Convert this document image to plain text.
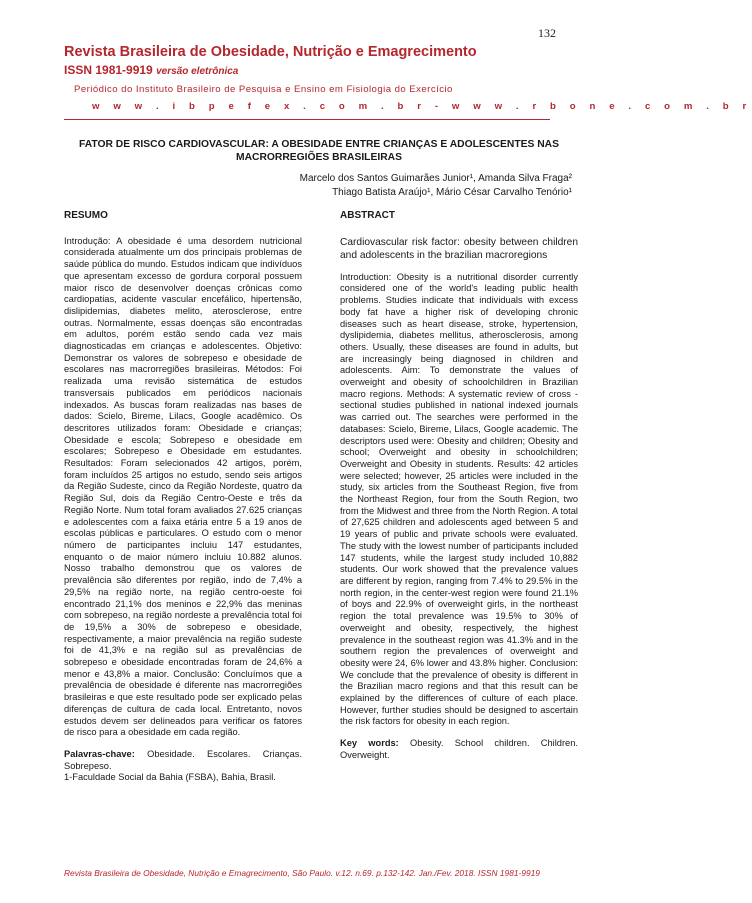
132
Revista Brasileira de Obesidade, Nutrição e Emagrecimento
ISSN 1981-9919 versão eletrônica
Periódico do Instituto Brasileiro de Pesquisa e Ensino em Fisiologia do Exercício
w w w . i b p e f e x . c o m . b r - w w w . r b o n e . c o m . b r
FATOR DE RISCO CARDIOVASCULAR: A OBESIDADE ENTRE CRIANÇAS E ADOLESCENTES NAS MACRORREGIÕES BRASILEIRAS
Marcelo dos Santos Guimarães Junior¹, Amanda Silva Fraga²
Thiago Batista Araújo¹, Mário César Carvalho Tenório¹
RESUMO

Introdução: A obesidade é uma desordem nutricional considerada atualmente um dos principais problemas de saúde pública do mundo. Estudos indicam que indivíduos que apresentam excesso de gordura corporal possuem maior risco de desenvolver doenças crônicas como cardiopatias, acidente vascular encefálico, hipertensão, dislipidemias, diabetes melito, aterosclerose, entre outras. Normalmente, essas doenças são encontradas em adultos, porém estão sendo cada vez mais diagnosticadas em crianças e adolescentes. Objetivo: Demonstrar os valores de sobrepeso e obesidade de escolares nas macrorregiões brasileiras. Métodos: Foi realizada uma revisão sistemática de estudos transversais publicados em periódicos nacionais indexados. As buscas foram realizadas nas bases de dados: Scielo, Bireme, Lilacs, Google acadêmico. Os descritores utilizados foram: Obesidade e crianças; Obesidade e escola; Sobrepeso e obesidade em escolares; Sobrepeso e Obesidade em estudantes. Resultados: Foram selecionados 42 artigos, porém, foram incluídos 25 artigos no estudo, sendo seis artigos da Região Sudeste, cinco da Região Nordeste, quatro da Região Sul, dois da Região Centro-Oeste e três da Região Norte. Num total foram avaliados 27.625 crianças e adolescentes com a faixa etária entre 5 a 19 anos de escolas públicas e particulares. O estudo com o menor número de participantes incluiu 147 estudantes, enquanto o de maior número incluiu 10.882 alunos. Nosso trabalho demonstrou que os valores de prevalência são diferentes por região, indo de 7,4% a 29,5% na região norte, na região centro-oeste foi encontrado 21,1% dos meninos e 22,9% das meninas com sobrepeso, na região nordeste a prevalência total foi de 19,5% a 30% de sobrepeso e obesidade, respectivamente, a maior prevalência na região sudeste foi de 41,3% e na região sul as prevalências de sobrepeso e obesidade encontradas foram de 24,6% a menor e 43,8% a maior. Conclusão: Concluímos que a prevalência de obesidade é diferente nas macrorregiões brasileiras e que este resultado pode ser explicado pelas diferenças de cultura de cada local. Entretanto, novos estudos devem ser delineados para verificar os fatores de risco para a obesidade em cada região.

Palavras-chave: Obesidade. Escolares. Crianças. Sobrepeso.

1-Faculdade Social da Bahia (FSBA), Bahia, Brasil.

ABSTRACT

Cardiovascular risk factor: obesity between children and adolescents in the brazilian macroregions

Introduction: Obesity is a nutritional disorder currently considered one of the world's leading public health problems. Studies indicate that individuals with excess body fat have a higher risk of developing chronic diseases such as heart disease, stroke, hypertension, dyslipidemia, diabetes mellitus, atherosclerosis, among others. Usually, these diseases are found in adults, but are increasingly being diagnosed in children and adolescents. Aim: To demonstrate the values of overweight and obesity of schoolchildren in Brazilian macro regions. Methods: A systematic review of cross - sectional studies published in national indexed journals was carried out. The searches were performed in the databases: Scielo, Bireme, Lilacs, Google academic. The descriptors used were: Obesity and children; Obesity and school; Overweight and obesity in schoolchildren; Overweight and Obesity in students. Results: 42 articles were selected; however, 25 articles were included in the study, six articles from the Southeast Region, five from the Northeast Region, four from the South Region, two from the Midwest and three from the North Region. A total of 27,625 children and adolescents aged between 5 and 19 years of public and private schools were evaluated. The study with the lowest number of participants included 147 students, while the largest study included 10,882 students. Our work showed that the prevalence values are different by region, ranging from 7.4% to 29.5% in the north region, in the center-west region were found 21.1% of boys and 22.9% of overweight girls, in the northeast region the total prevalence was 19.5% to 30% of overweight and obesity, respectively, the highest prevalence in the southeast region was 41.3% and in the southern region the prevalences of overweight and obesity were 24, 6% lower and 43.8% higher. Conclusion: We conclude that the prevalence of obesity is different in the Brazilian macro regions and that this result can be explained by the differences of culture of each place. However, further studies should be designed to ascertain the risk factors for obesity in each region.

Key words: Obesity. School children. Children. Overweight.

Revista Brasileira de Obesidade, Nutrição e Emagrecimento, São Paulo. v.12. n.69. p.132-142. Jan./Fev. 2018. ISSN 1981-9919
